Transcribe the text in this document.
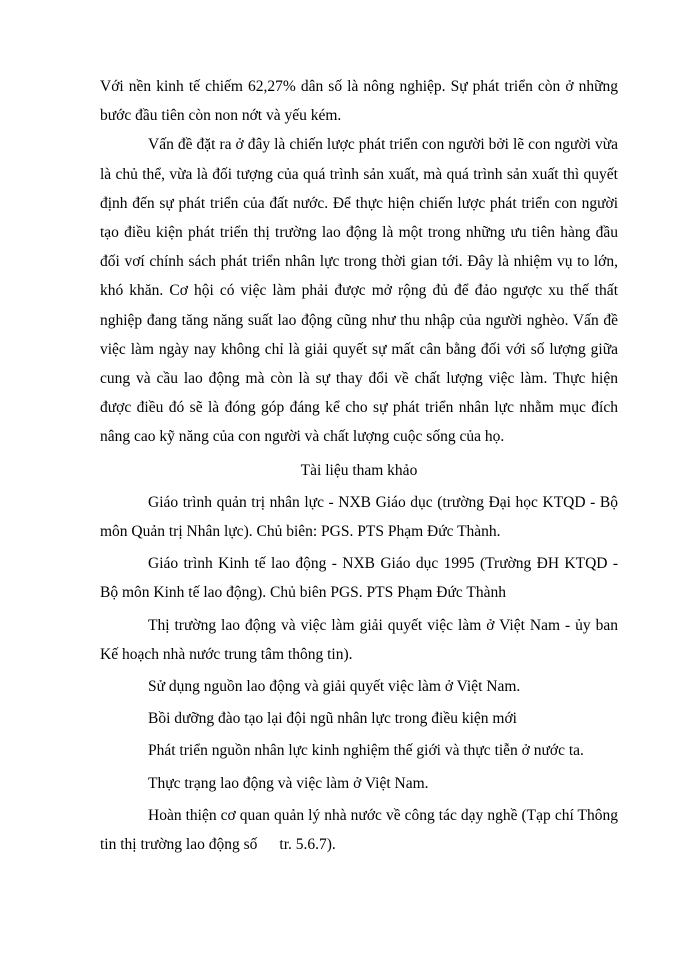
Với nền kinh tế chiếm 62,27% dân số là nông nghiệp. Sự phát triển còn ở những bước đầu tiên còn non nớt và yếu kém.

Vấn đề đặt ra ở đây là chiến lược phát triển con người bởi lẽ con người vừa là chủ thể, vừa là đối tượng của quá trình sản xuất, mà quá trình sản xuất thì quyết định đến sự phát triển của đất nước. Để thực hiện chiến lược phát triển con người tạo điều kiện phát triển thị trường lao động là một trong những ưu tiên hàng đầu đối vơí chính sách phát triển nhân lực trong thời gian tới. Đây là nhiệm vụ to lớn, khó khăn. Cơ hội có việc làm phải được mở rộng đủ để đảo ngược xu thế thất nghiệp đang tăng năng suất lao động cũng như thu nhập của người nghèo. Vấn đề việc làm ngày nay không chỉ là giải quyết sự mất cân bằng đối với số lượng giữa cung và cầu lao động mà còn là sự thay đổi về chất lượng việc làm. Thực hiện được điều đó sẽ là đóng góp đáng kể cho sự phát triển nhân lực nhằm mục đích nâng cao kỹ năng của con người và chất lượng cuộc sống của họ.

Tài liệu tham khảo

Giáo trình quản trị nhân lực - NXB Giáo dục (trường Đại học KTQD - Bộ môn Quản trị Nhân lực). Chủ biên: PGS. PTS Phạm Đức Thành.

Giáo trình Kinh tế lao động - NXB Giáo dục 1995 (Trường ĐH KTQD - Bộ môn Kinh tế lao động). Chủ biên PGS. PTS Phạm Đức Thành

Thị trường lao động và việc làm giải quyết việc làm ở Việt Nam - ủy ban Kế hoạch nhà nước trung tâm thông tin).

Sử dụng nguồn lao động và giải quyết việc làm ở Việt Nam.

Bồi dưỡng đào tạo lại đội ngũ nhân lực trong điều kiện mới

Phát triển nguồn nhân lực kinh nghiệm thế giới và thực tiễn ở nước ta.

Thực trạng lao động và việc làm ở Việt Nam.

Hoàn thiện cơ quan quản lý nhà nước về công tác dạy nghề (Tạp chí Thông tin thị trường lao động số tr. 5.6.7).
